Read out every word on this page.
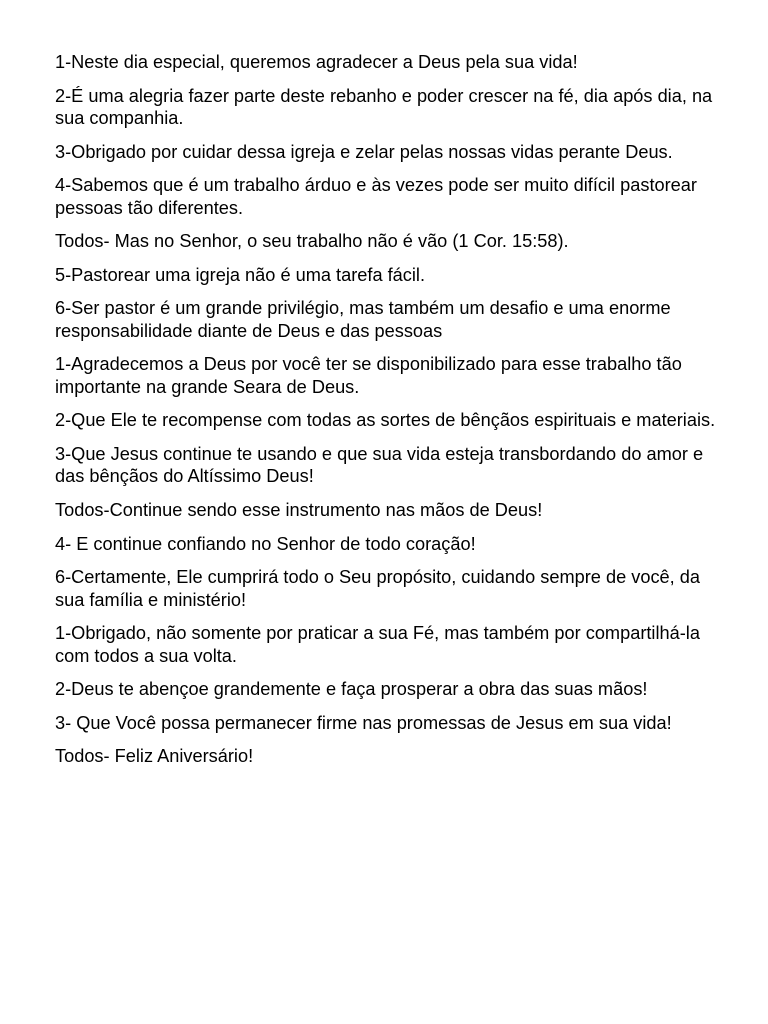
1-Neste dia especial, queremos agradecer a Deus pela sua vida!

2-É uma alegria fazer parte deste rebanho e poder crescer na fé, dia após dia, na sua companhia.

3-Obrigado por cuidar dessa igreja e zelar pelas nossas vidas perante Deus.

4-Sabemos que é um trabalho árduo e às vezes pode ser muito difícil pastorear pessoas tão diferentes.

Todos- Mas no Senhor, o seu trabalho não é vão (1 Cor. 15:58).

5-Pastorear uma igreja não é uma tarefa fácil.

6-Ser pastor é um grande privilégio, mas também um desafio e uma enorme responsabilidade diante de Deus e das pessoas

1-Agradecemos a Deus por você ter se disponibilizado para esse trabalho tão importante na grande Seara de Deus.

2-Que Ele te recompense com todas as sortes de bênçãos espirituais e materiais.

3-Que Jesus continue te usando e que sua vida esteja transbordando do amor e das bênçãos do Altíssimo Deus!

Todos-Continue sendo esse instrumento nas mãos de Deus!

4- E continue confiando no Senhor de todo coração!

6-Certamente, Ele cumprirá todo o Seu propósito, cuidando sempre de você, da sua família e ministério!

1-Obrigado, não somente por praticar a sua Fé, mas também por compartilhá-la com todos a sua volta.

2-Deus te abençoe grandemente e faça prosperar a obra das suas mãos!

3- Que Você possa permanecer firme nas promessas de Jesus em sua vida!

Todos- Feliz Aniversário!
